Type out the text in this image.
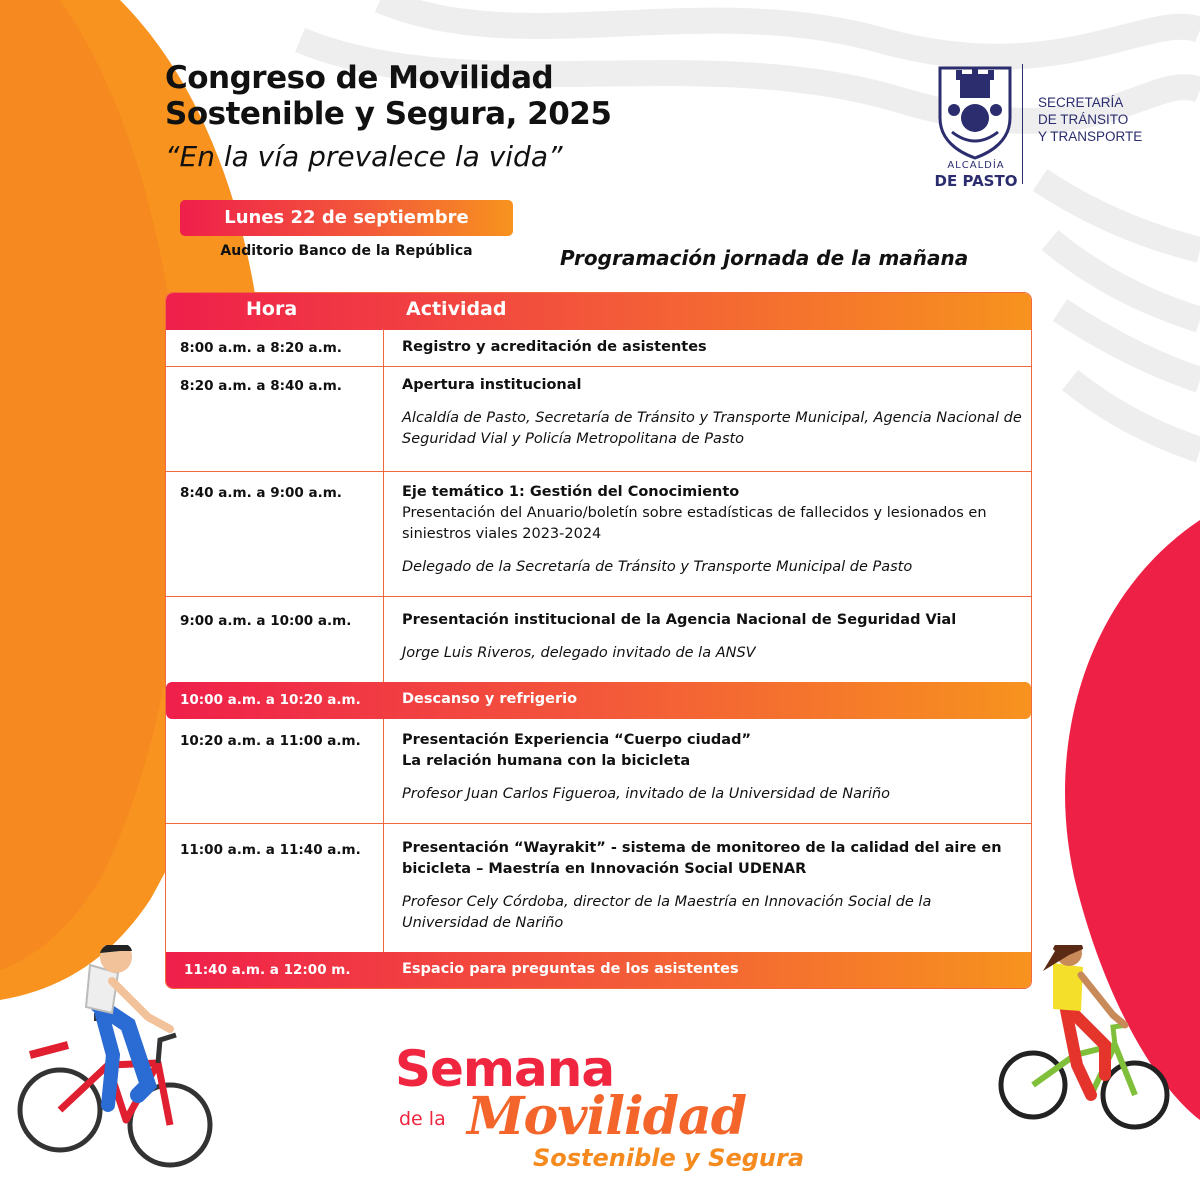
Congreso de Movilidad
Sostenible y Segura, 2025
“En la vía prevalece la vida”	ALCALDÍA
DE PASTO
SECRETARÍA
DE TRÁNSITO
Y TRANSPORTE
Lunes 22 de septiembre
Auditorio Banco de la República	Programación jornada de la mañana
Hora	Actividad
8:00 a.m. a 8:20 a.m.	Registro y acreditación de asistentes
8:20 a.m. a 8:40 a.m.	Apertura institucional
Alcaldía de Pasto, Secretaría de Tránsito y Transporte Municipal, Agencia Nacional de Seguridad Vial y Policía Metropolitana de Pasto
8:40 a.m. a 9:00 a.m.	Eje temático 1: Gestión del Conocimiento
Presentación del Anuario/boletín sobre estadísticas de fallecidos y lesionados en siniestros viales 2023-2024
Delegado de la Secretaría de Tránsito y Transporte Municipal de Pasto
9:00 a.m. a 10:00 a.m.	Presentación institucional de la Agencia Nacional de Seguridad Vial
Jorge Luis Riveros, delegado invitado de la ANSV
10:00 a.m. a 10:20 a.m.	Descanso y refrigerio
10:20 a.m. a 11:00 a.m.	Presentación Experiencia “Cuerpo ciudad”
La relación humana con la bicicleta
Profesor Juan Carlos Figueroa, invitado de la Universidad de Nariño
11:00 a.m. a 11:40 a.m.	Presentación “Wayrakit” - sistema de monitoreo de la calidad del aire en bicicleta – Maestría en Innovación Social UDENAR
Profesor Cely Córdoba, director de la Maestría en Innovación Social de la Universidad de Nariño
11:40 a.m. a 12:00 m.	Espacio para preguntas de los asistentes
Semana
de la Movilidad
Sostenible y Segura
